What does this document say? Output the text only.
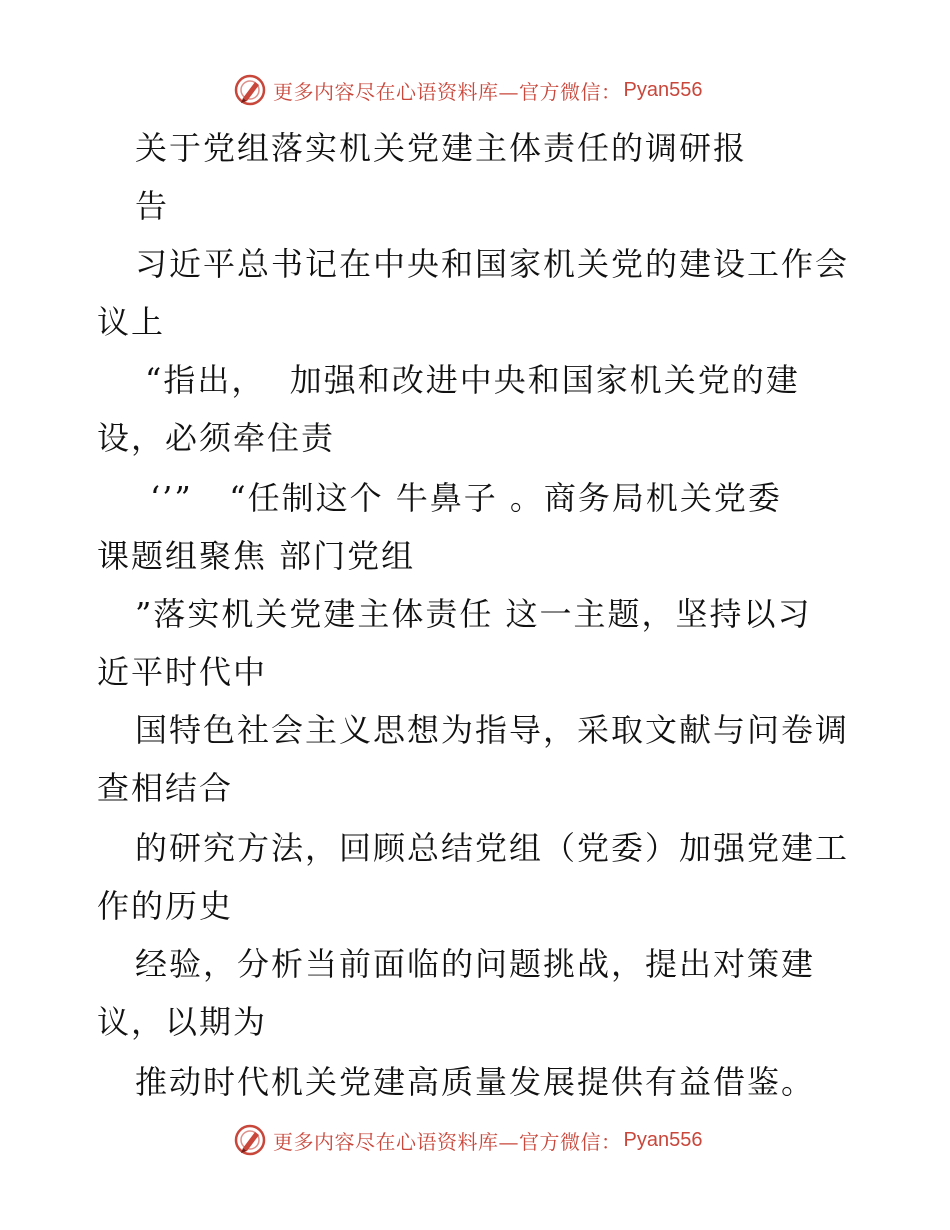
更多内容尽在心语资料库—官方微信： Pyan556
关于党组落实机关党建主体责任的调研报
告
习近平总书记在中央和国家机关党的建设工作会
议上
“指出，  加强和改进中央和国家机关党的建
设，必须牵住责
‘’”   “任制这个 牛鼻子 。商务局机关党委
课题组聚焦 部门党组
”落实机关党建主体责任 这一主题，坚持以习
近平时代中
国特色社会主义思想为指导，采取文献与问卷调
查相结合
的研究方法，回顾总结党组（党委）加强党建工
作的历史
经验，分析当前面临的问题挑战，提出对策建
议，以期为
推动时代机关党建高质量发展提供有益借鉴。
更多内容尽在心语资料库—官方微信： Pyan556
